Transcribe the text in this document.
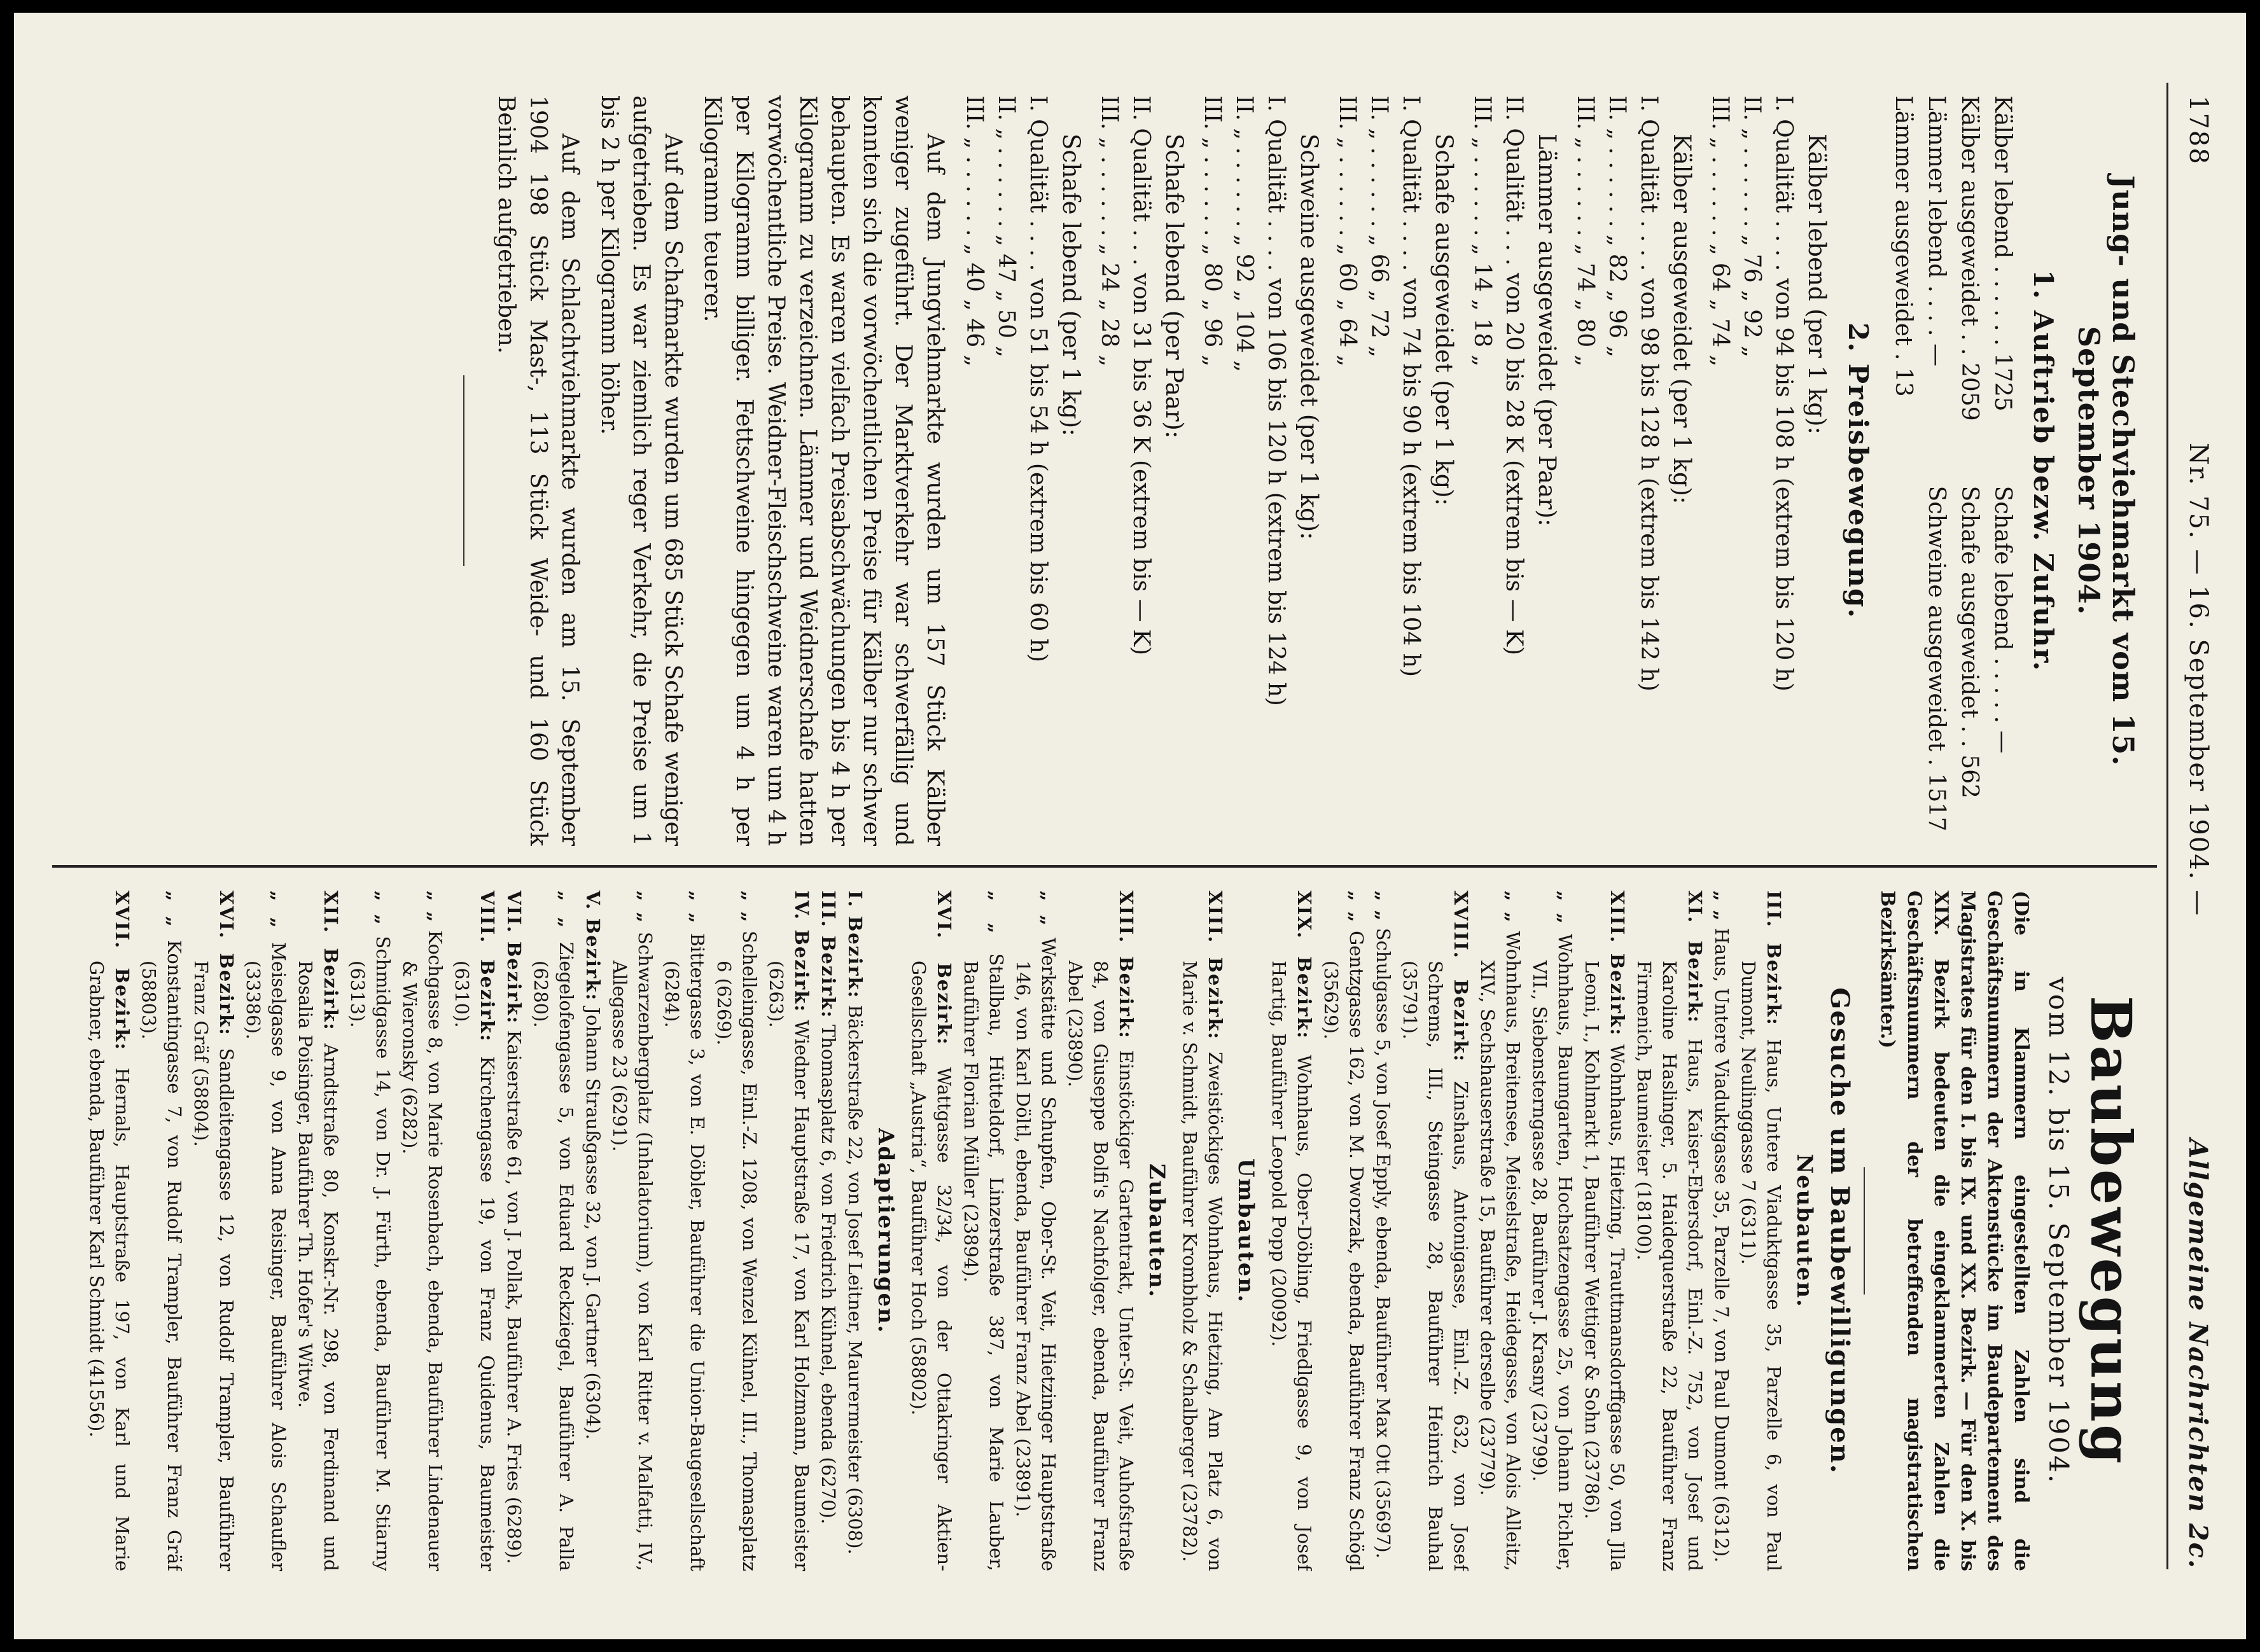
1788
Nr. 75. — 16. September 1904. —
Allgemeine Nachrichten 2c.
Jung- und Stechviehmarkt vom 15. September 1904.
1. Auftrieb bezw. Zufuhr.
Kälber lebend . . . . . . 1725
Schafe lebend . . . . . —
Kälber ausgeweidet . . 2059
Schafe ausgeweidet . . 562
Lämmer lebend . . . . —
Schweine ausgeweidet . 1517
Lämmer ausgeweidet . 13
2. Preisbewegung.
Kälber lebend (per 1 kg):
I. Qualität . . . . von 94 bis 108 h (extrem bis 120 h)
II. „ . . . . . . „ 76 „ 92 „
III. „ . . . . . . „ 64 „ 74 „
Kälber ausgeweidet (per 1 kg):
I. Qualität . . . . von 98 bis 128 h (extrem bis 142 h)
II. „ . . . . . . „ 82 „ 96 „
III. „ . . . . . . „ 74 „ 80 „
Lämmer ausgeweidet (per Paar):
II. Qualität . . . von 20 bis 28 K (extrem bis — K)
III. „ . . . . . . „ 14 „ 18 „
Schafe ausgeweidet (per 1 kg):
I. Qualität . . . . von 74 bis 90 h (extrem bis 104 h)
II. „ . . . . . . „ 66 „ 72 „
III. „ . . . . . . „ 60 „ 64 „
Schweine ausgeweidet (per 1 kg):
I. Qualität . . . . von 106 bis 120 h (extrem bis 124 h)
II. „ . . . . . . „ 92 „ 104 „
III. „ . . . . . . „ 80 „ 96 „
Schafe lebend (per Paar):
II. Qualität . . . von 31 bis 36 K (extrem bis — K)
III. „ . . . . . . „ 24 „ 28 „
Schafe lebend (per 1 kg):
I. Qualität . . . . von 51 bis 54 h (extrem bis 60 h)
II. „ . . . . . . „ 47 „ 50 „
III. „ . . . . . . „ 40 „ 46 „

Auf dem Jungviehmarkte wurden um 157 Stück Kälber weniger zugeführt. Der Marktverkehr war schwerfällig und konnten sich die vorwöchentlichen Preise für Kälber nur schwer behaupten. Es waren vielfach Preisabschwächungen bis 4 h per Kilogramm zu verzeichnen. Lämmer und Weidnerschafe hatten vorwöchentliche Preise. Weidner-Fleischschweine waren um 4 h per Kilogramm billiger. Fettschweine hingegen um 4 h per Kilogramm teuerer.

Auf dem Schafmarkte wurden um 685 Stück Schafe weniger aufgetrieben. Es war ziemlich reger Verkehr, die Preise um 1 bis 2 h per Kilogramm höher.

Auf dem Schlachtviehmarkte wurden am 15. September 1904 198 Stück Mast-, 113 Stück Weide- und 160 Stück Beinlich aufgetrieben.

Baubewegung
vom 12. bis 15. September 1904.
(Die in Klammern eingestellten Zahlen sind die Geschäftsnummern der Aktenstücke im Baudepartement des Magistrates für den I. bis IX. und XX. Bezirk. — Für den X. bis XIX. Bezirk bedeuten die eingeklammerten Zahlen die Geschäftsnummern der betreffenden magistratischen Bezirksämter.)
Gesuche um Baubewilligungen.
Neubauten.

III. Bezirk: Haus, Untere Viaduktgasse 35, Parzelle 6, von Paul Dumont, Neulinggasse 7 (6311).

„ „ Haus, Untere Viaduktgasse 35, Parzelle 7, von Paul Dumont (6312).

XI. Bezirk: Haus, Kaiser-Ebersdorf, Einl.-Z. 752, von Josef und Karoline Haslinger, 5. Haidequerstraße 22, Bauführer Franz Firmenich, Baumeister (18100).

XIII. Bezirk: Wohnhaus, Hietzing, Trauttmansdorffgasse 50, von Jlla Leoni, I., Kohlmarkt 1, Bauführer Wettiger & Sohn (23786).

„ „ Wohnhaus, Baumgarten, Hochsatzengasse 25, von Johann Pichler, VII., Siebensterngasse 28, Bauführer J. Krasny (23799).

„ „ Wohnhaus, Breitensee, Meiselstraße, Heidegasse, von Alois Alleitz, XIV., Sechshauserstraße 15, Bauführer derselbe (23779).

XVIII. Bezirk: Zinshaus, Antonigasse, Einl.-Z. 632, von Josef Schrems, III., Steingasse 28, Bauführer Heinrich Bauhal (35791).

„ „ Schulgasse 5, von Josef Epply, ebenda, Bauführer Max Ott (35697).

„ „ Gentzgasse 162, von M. Dworzak, ebenda, Bauführer Franz Schögl (35629).

XIX. Bezirk: Wohnhaus, Ober-Döbling, Friedlgasse 9, von Josef Hartig, Bauführer Leopold Popp (20092).

Umbauten.

XIII. Bezirk: Zweistöckiges Wohnhaus, Hietzing, Am Platz 6, von Marie v. Schmidt, Bauführer Krombholz & Schalberger (23782).

Zubauten.

XIII. Bezirk: Einstöckiger Gartentrakt, Unter-St. Veit, Auhofstraße 84, von Giuseppe Bolfi's Nachfolger, ebenda, Bauführer Franz Abel (23890).

„ „ Werkstätte und Schupfen, Ober-St. Veit, Hietzinger Hauptstraße 146, von Karl Döltl, ebenda, Bauführer Franz Abel (23891).

„ „ Stallbau, Hütteldorf, Linzerstraße 387, von Marie Lauber, Bauführer Florian Müller (23894).

XVI. Bezirk: Wattgasse 32/34, von der Ottakringer Aktien-Gesellschaft „Austria“, Bauführer Hoch (58802).

Adaptierungen.

I. Bezirk: Bäckerstraße 22, von Josef Leitner, Maurermeister (6308).

III. Bezirk: Thomasplatz 6, von Friedrich Kühnel, ebenda (6270).

IV. Bezirk: Wiedner Hauptstraße 17, von Karl Holzmann, Baumeister (6263).

„ „ Schelleingasse, Einl.-Z. 1208, von Wenzel Kühnel, III., Thomasplatz 6 (6269).

„ „ Bittergasse 3, von E. Döbler, Bauführer die Union-Baugesellschaft (6284).

„ „ Schwarzenbergplatz (Inhalatorium), von Karl Ritter v. Malfatti, IV., Allegasse 23 (6291).

V. Bezirk: Johann Straußgasse 32, von J. Gartner (6304).

„ „ Ziegelofengasse 5, von Eduard Reckziegel, Bauführer A. Palla (6280).

VII. Bezirk: Kaiserstraße 61, von J. Pollak, Bauführer A. Fries (6289).

VIII. Bezirk: Kirchengasse 19, von Franz Quidenus, Baumeister (6310).

„ „ Kochgasse 8, von Marie Rosenbach, ebenda, Bauführer Lindenauer & Wieronsky (6282).

„ „ Schmidgasse 14, von Dr. J. Fürth, ebenda, Bauführer M. Stiarny (6313).

XII. Bezirk: Arndtstraße 80, Konskr.-Nr. 298, von Ferdinand und Rosalia Poisinger, Bauführer Th. Hofer's Witwe.

„ „ Meiselgasse 9, von Anna Reisinger, Bauführer Alois Schaufler (33386).

XVI. Bezirk: Sandleitengasse 12, von Rudolf Trampler, Bauführer Franz Gräf (58804).

„ „ Konstantingasse 7, von Rudolf Trampler, Bauführer Franz Gräf (58803).

XVII. Bezirk: Hernals, Hauptstraße 197, von Karl und Marie Grabner, ebenda, Bauführer Karl Schmidt (41556).
